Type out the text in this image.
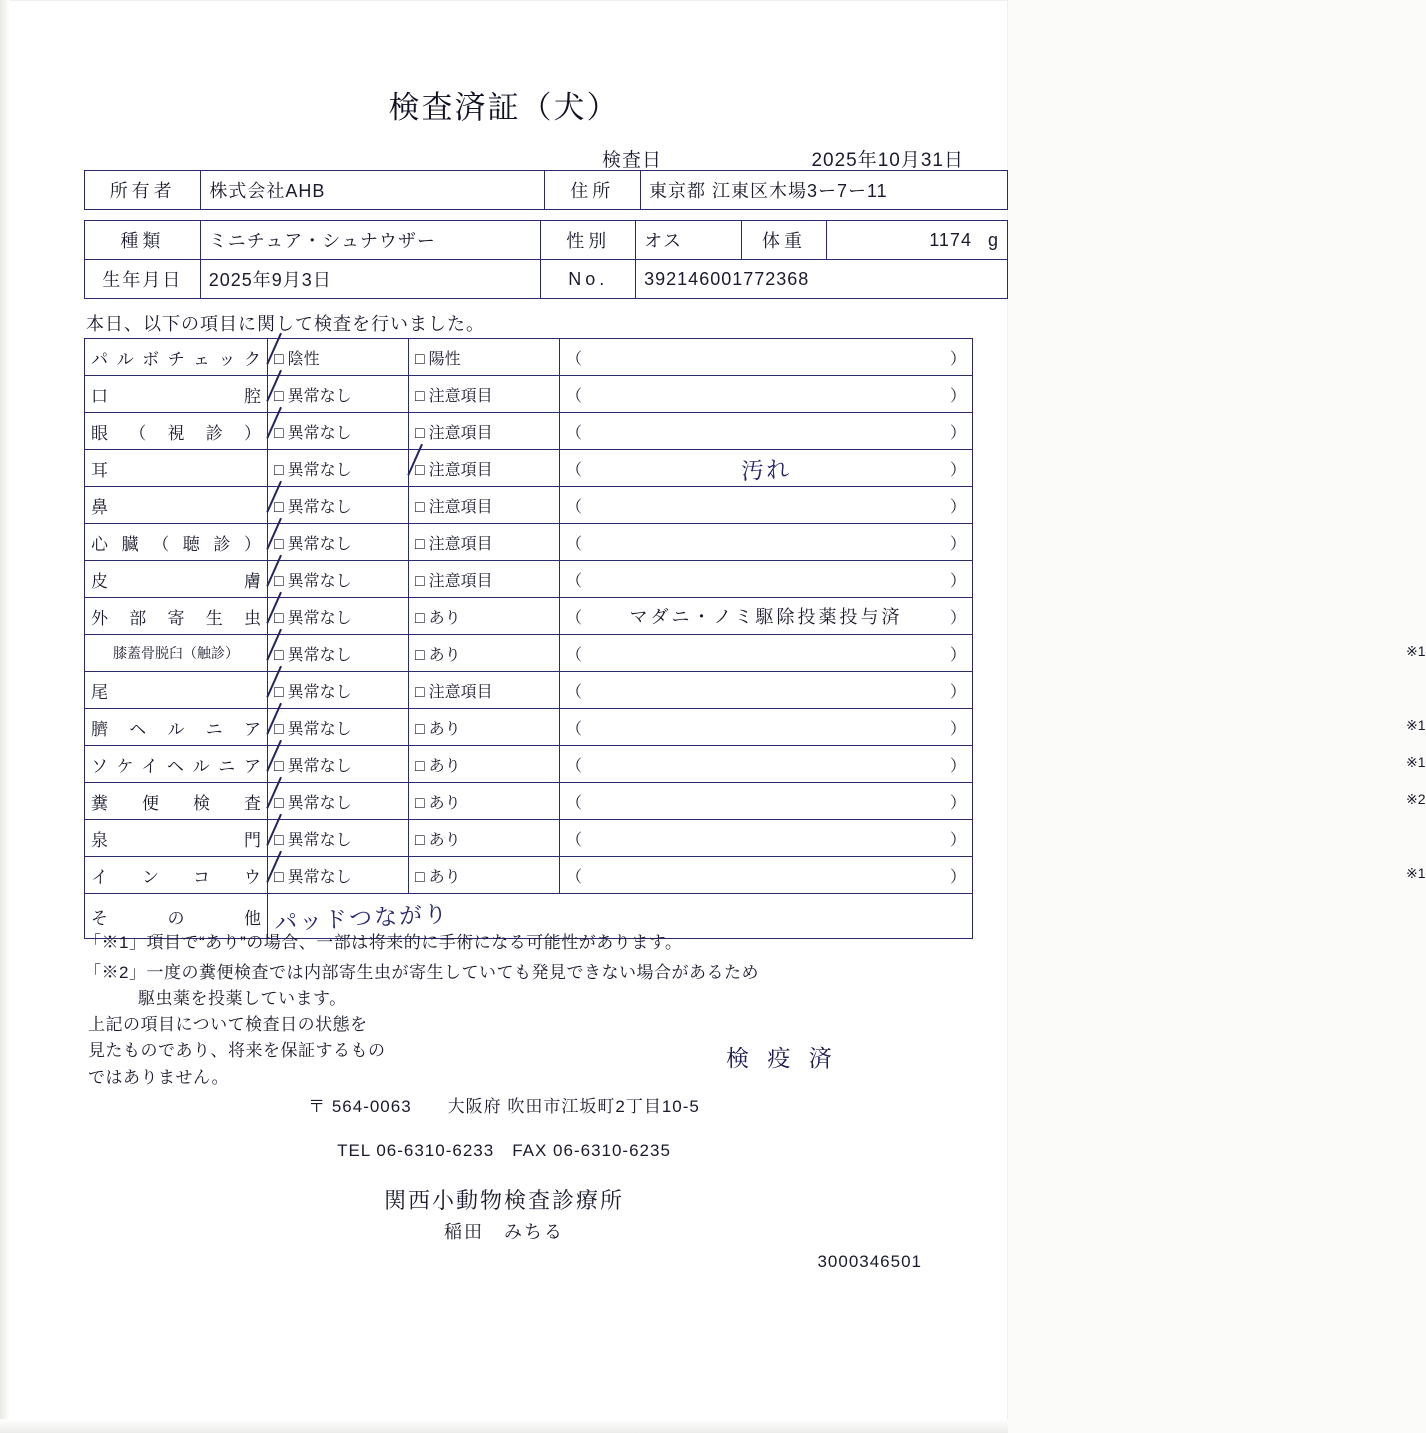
検査済証（犬）
検査日	2025年10月31日
所有者	株式会社AHB	住所	東京都 江東区木場3ー7ー11
種類	ミニチュア・シュナウザー	性別	オス	体重	1174 g
生年月日	2025年9月3日	No.	392146001772368		
本日、以下の項目に関して検査を行いました。
パルボチェック	□ 陰性	□ 陽性	（ ）

口腔	□ 異常なし	□ 注意項目	（ ）

眼（視診）	□ 異常なし	□ 注意項目	（ ）

耳	□ 異常なし	□ 注意項目	（ 汚れ ）

鼻	□ 異常なし	□ 注意項目	（ ）

心臓（聴診）	□ 異常なし	□ 注意項目	（ ）

皮膚	□ 異常なし	□ 注意項目	（ ）

外部寄生虫	□ 異常なし	□ あり	（ マダニ・ノミ駆除投薬投与済 ）

膝蓋骨脱臼（触診）	□ 異常なし	□ あり	（ ） ※1

尾	□ 異常なし	□ 注意項目	（ ）

臍ヘルニア	□ 異常なし	□ あり	（ ） ※1

ソケイヘルニア	□ 異常なし	□ あり	（ ） ※1

糞便検査	□ 異常なし	□ あり	（ ） ※2

泉門	□ 異常なし	□ あり	（ ）

インコウ	□ 異常なし	□ あり	（ ） ※1

その他	パッドつながり		
「※1」項目で“あり”の場合、一部は将来的に手術になる可能性があります。
「※2」一度の糞便検査では内部寄生虫が寄生していても発見できない場合があるため
駆虫薬を投薬しています。
上記の項目について検査日の状態を
見たものであり、将来を保証するもの
ではありません。
検 疫 済
〒 564-0063　　大阪府 吹田市江坂町2丁目10-5
TEL 06-6310-6233　FAX 06-6310-6235
関西小動物検査診療所
稲田　みちる
3000346501
